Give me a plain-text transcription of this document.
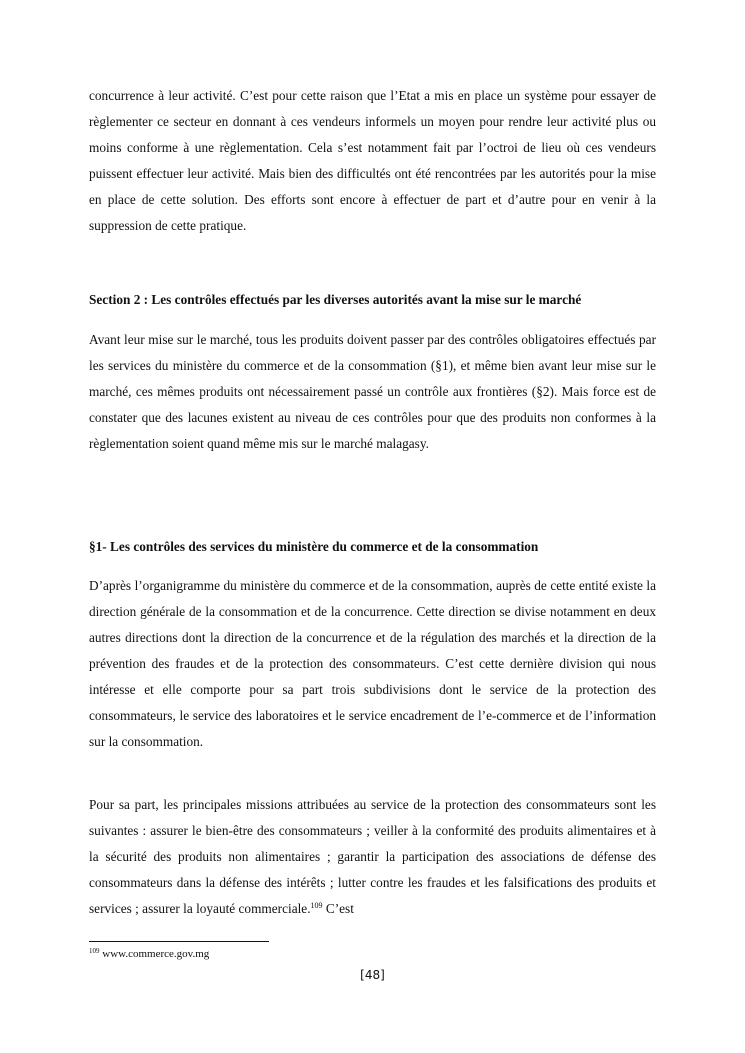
concurrence à leur activité. C’est pour cette raison que l’Etat a mis en place un système pour essayer de règlementer ce secteur en donnant à ces vendeurs informels un moyen pour rendre leur activité plus ou moins conforme à une règlementation. Cela s’est notamment fait par l’octroi de lieu où ces vendeurs puissent effectuer leur activité. Mais bien des difficultés ont été rencontrées par les autorités pour la mise en place de cette solution. Des efforts sont encore à effectuer de part et d’autre pour en venir à la suppression de cette pratique.

Section 2 : Les contrôles effectués par les diverses autorités avant la mise sur le marché

Avant leur mise sur le marché, tous les produits doivent passer par des contrôles obligatoires effectués par les services du ministère du commerce et de la consommation (§1), et même bien avant leur mise sur le marché, ces mêmes produits ont nécessairement passé un contrôle aux frontières (§2). Mais force est de constater que des lacunes existent au niveau de ces contrôles pour que des produits non conformes à la règlementation soient quand même mis sur le marché malagasy.

§1- Les contrôles des services du ministère du commerce et de la consommation

D’après l’organigramme du ministère du commerce et de la consommation, auprès de cette entité existe la direction générale de la consommation et de la concurrence. Cette direction se divise notamment en deux autres directions dont la direction de la concurrence et de la régulation des marchés et la direction de la prévention des fraudes et de la protection des consommateurs. C’est cette dernière division qui nous intéresse et elle comporte pour sa part trois subdivisions dont le service de la protection des consommateurs, le service des laboratoires et le service encadrement de l’e-commerce et de l’information sur la consommation.

Pour sa part, les principales missions attribuées au service de la protection des consommateurs sont les suivantes : assurer le bien-être des consommateurs ; veiller à la conformité des produits alimentaires et à la sécurité des produits non alimentaires ; garantir la participation des associations de défense des consommateurs dans la défense des intérêts ; lutter contre les fraudes et les falsifications des produits et services ; assurer la loyauté commerciale.$^{109}$ C’est

$^{109}$ www.commerce.gov.mg
[48]
